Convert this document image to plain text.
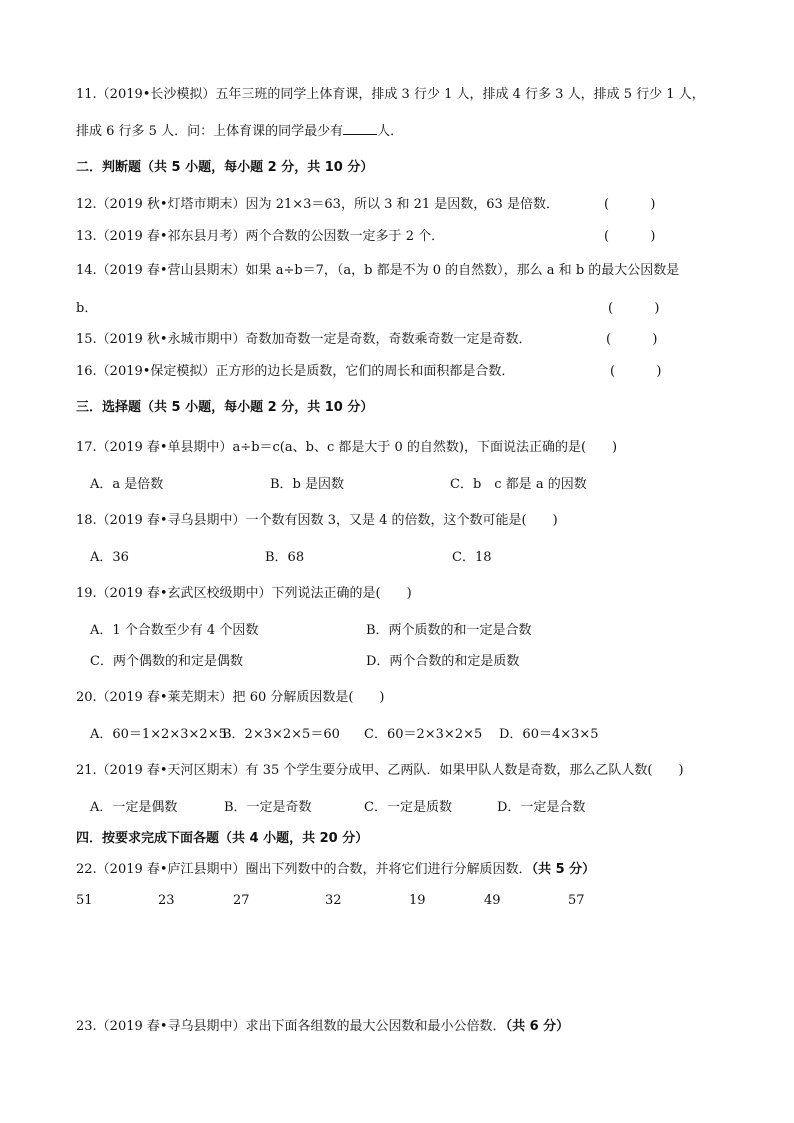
11.（2019•长沙模拟）五年三班的同学上体育课，排成 3 行少 1 人，排成 4 行多 3 人，排成 5 行少 1 人，
排成 6 行多 5 人．问：上体育课的同学最少有	人．
二．判断题（共 5 小题，每小题 2 分，共 10 分）
12.（2019 秋•灯塔市期末）因为 21×3＝63，所以 3 和 21 是因数，63 是倍数．	(          )
13.（2019 春•祁东县月考）两个合数的公因数一定多于 2 个．	(          )
14.（2019 春•营山县期末）如果 a÷b＝7，（a，b 都是不为 0 的自然数），那么 a 和 b 的最大公因数是
b．	(          )
15.（2019 秋•永城市期中）奇数加奇数一定是奇数，奇数乘奇数一定是奇数．	(          )
16.（2019•保定模拟）正方形的边长是质数，它们的周长和面积都是合数．	(          )
三．选择题（共 5 小题，每小题 2 分，共 10 分）
17.（2019 春•单县期中）a÷b＝c(a、b、c 都是大于 0 的自然数)，下面说法正确的是(　　)
A．a 是倍数	B．b 是因数	C．b　c 都是 a 的因数
18.（2019 春•寻乌县期中）一个数有因数 3，又是 4 的倍数，这个数可能是(　　)
A．36	B．68	C．18
19.（2019 春•玄武区校级期中）下列说法正确的是(　　)
A．1 个合数至少有 4 个因数	B．两个质数的和一定是合数
C．两个偶数的和定是偶数	D．两个合数的和定是质数
20.（2019 春•莱芜期末）把 60 分解质因数是(　　)
A．60＝1×2×3×2×5
B．2×3×2×5＝60 C．60＝2×3×2×5 D．60＝4×3×5
21.（2019 春•天河区期末）有 35 个学生要分成甲、乙两队．如果甲队人数是奇数，那么乙队人数(　　)
A．一定是偶数	B．一定是奇数	C．一定是质数	D．一定是合数
四．按要求完成下面各题（共 4 小题，共 20 分）
22.（2019 春•庐江县期中）圈出下列数中的合数，并将它们进行分解质因数．（共 5 分）
51	23	27	32	19	49	57
23.（2019 春•寻乌县期中）求出下面各组数的最大公因数和最小公倍数．（共 6 分）
